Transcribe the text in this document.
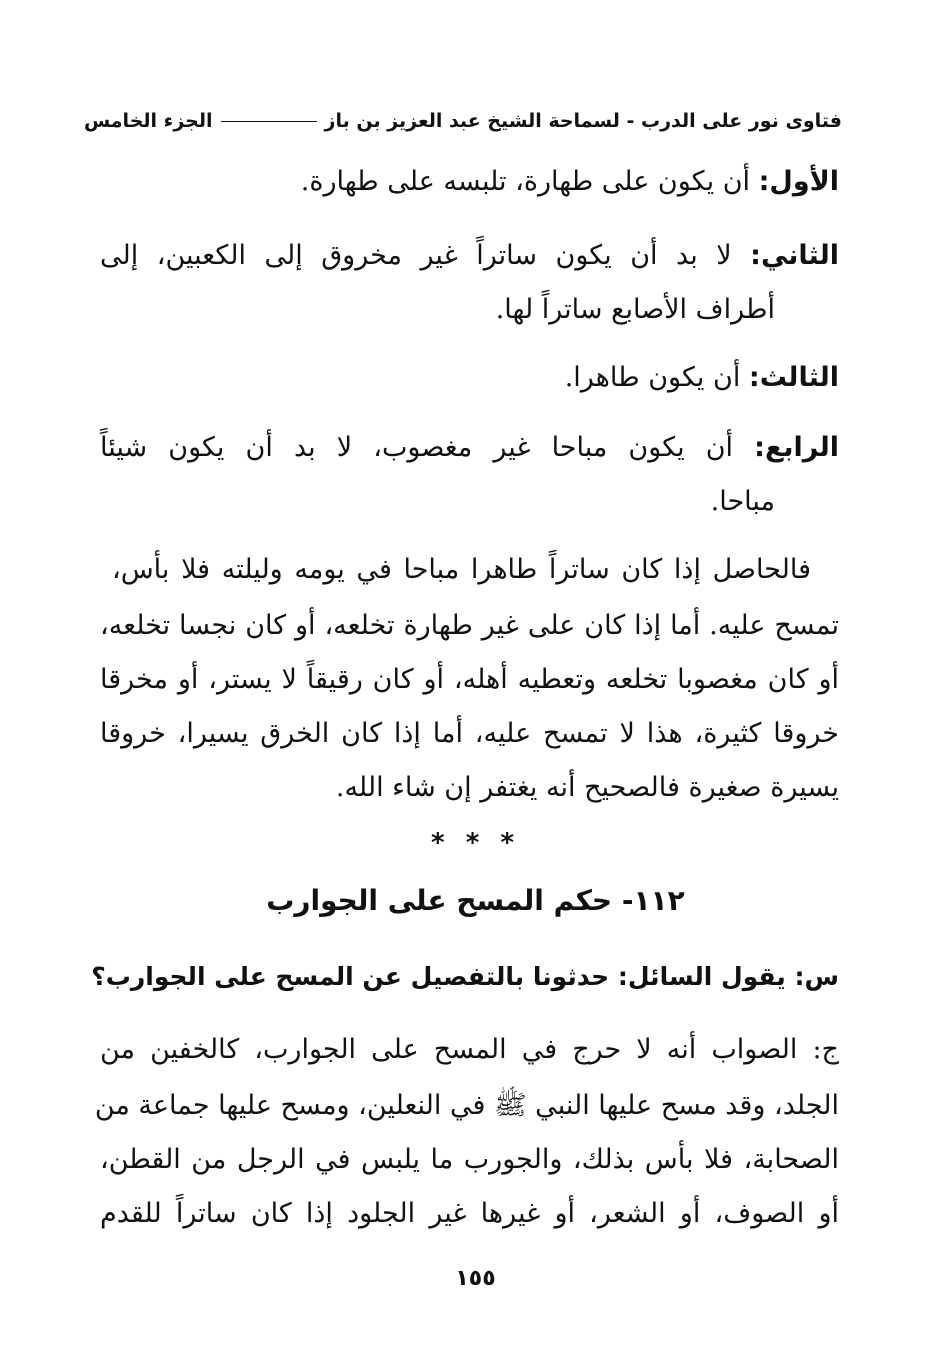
فتاوى نور على الدرب - لسماحة الشيخ عبد العزيز بن باز
الجزء الخامس
الأول: أن يكون على طهارة، تلبسه على طهارة.
الثاني: لا بد أن يكون ساتراً غير مخروق إلى الكعبين، إلى
أطراف الأصابع ساتراً لها.
الثالث: أن يكون طاهرا.
الرابع: أن يكون مباحا غير مغصوب، لا بد أن يكون شيئاً
مباحا.
فالحاصل إذا كان ساتراً طاهرا مباحا في يومه وليلته فلا بأس،
تمسح عليه. أما إذا كان على غير طهارة تخلعه، أو كان نجسا تخلعه،
أو كان مغصوبا تخلعه وتعطيه أهله، أو كان رقيقاً لا يستر، أو مخرقا
خروقا كثيرة، هذا لا تمسح عليه، أما إذا كان الخرق يسيرا، خروقا
يسيرة صغيرة فالصحيح أنه يغتفر إن شاء الله.
* * *
١١٢- حكم المسح على الجوارب
س: يقول السائل: حدثونا بالتفصيل عن المسح على الجوارب؟
ج: الصواب أنه لا حرج في المسح على الجوارب، كالخفين من
الجلد، وقد مسح عليها النبي ﷺ في النعلين، ومسح عليها جماعة من
الصحابة، فلا بأس بذلك، والجورب ما يلبس في الرجل من القطن،
أو الصوف، أو الشعر، أو غيرها غير الجلود إذا كان ساتراً للقدم
١٥٥
